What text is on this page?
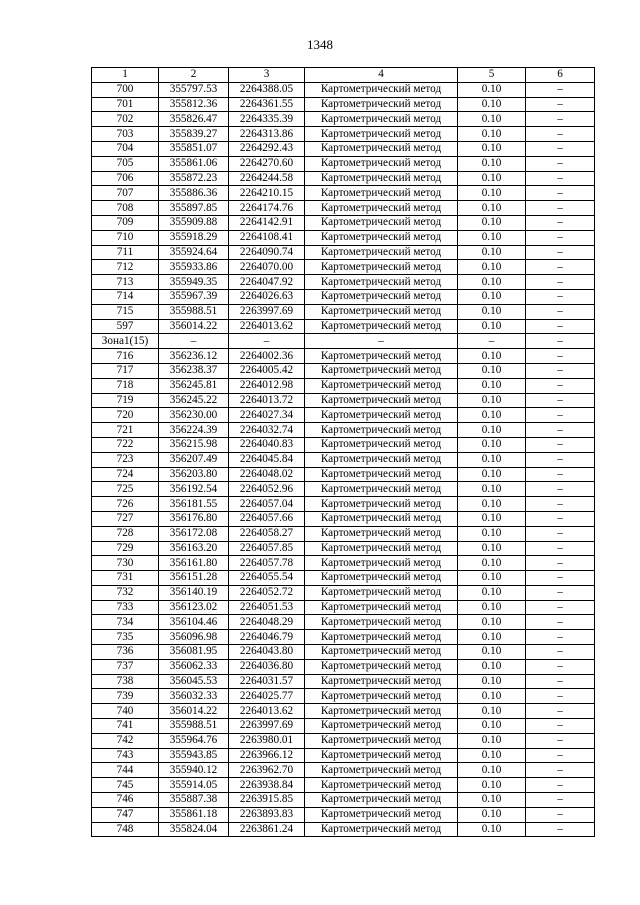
1348
1	2	3	4	5	6
700	355797.53	2264388.05	Картометрический метод	0.10	–
701	355812.36	2264361.55	Картометрический метод	0.10	–
702	355826.47	2264335.39	Картометрический метод	0.10	–
703	355839.27	2264313.86	Картометрический метод	0.10	–
704	355851.07	2264292.43	Картометрический метод	0.10	–
705	355861.06	2264270.60	Картометрический метод	0.10	–
706	355872.23	2264244.58	Картометрический метод	0.10	–
707	355886.36	2264210.15	Картометрический метод	0.10	–
708	355897.85	2264174.76	Картометрический метод	0.10	–
709	355909.88	2264142.91	Картометрический метод	0.10	–
710	355918.29	2264108.41	Картометрический метод	0.10	–
711	355924.64	2264090.74	Картометрический метод	0.10	–
712	355933.86	2264070.00	Картометрический метод	0.10	–
713	355949.35	2264047.92	Картометрический метод	0.10	–
714	355967.39	2264026.63	Картометрический метод	0.10	–
715	355988.51	2263997.69	Картометрический метод	0.10	–
597	356014.22	2264013.62	Картометрический метод	0.10	–
Зона1(15)	–	–	–	–	–
716	356236.12	2264002.36	Картометрический метод	0.10	–
717	356238.37	2264005.42	Картометрический метод	0.10	–
718	356245.81	2264012.98	Картометрический метод	0.10	–
719	356245.22	2264013.72	Картометрический метод	0.10	–
720	356230.00	2264027.34	Картометрический метод	0.10	–
721	356224.39	2264032.74	Картометрический метод	0.10	–
722	356215.98	2264040.83	Картометрический метод	0.10	–
723	356207.49	2264045.84	Картометрический метод	0.10	–
724	356203.80	2264048.02	Картометрический метод	0.10	–
725	356192.54	2264052.96	Картометрический метод	0.10	–
726	356181.55	2264057.04	Картометрический метод	0.10	–
727	356176.80	2264057.66	Картометрический метод	0.10	–
728	356172.08	2264058.27	Картометрический метод	0.10	–
729	356163.20	2264057.85	Картометрический метод	0.10	–
730	356161.80	2264057.78	Картометрический метод	0.10	–
731	356151.28	2264055.54	Картометрический метод	0.10	–
732	356140.19	2264052.72	Картометрический метод	0.10	–
733	356123.02	2264051.53	Картометрический метод	0.10	–
734	356104.46	2264048.29	Картометрический метод	0.10	–
735	356096.98	2264046.79	Картометрический метод	0.10	–
736	356081.95	2264043.80	Картометрический метод	0.10	–
737	356062.33	2264036.80	Картометрический метод	0.10	–
738	356045.53	2264031.57	Картометрический метод	0.10	–
739	356032.33	2264025.77	Картометрический метод	0.10	–
740	356014.22	2264013.62	Картометрический метод	0.10	–
741	355988.51	2263997.69	Картометрический метод	0.10	–
742	355964.76	2263980.01	Картометрический метод	0.10	–
743	355943.85	2263966.12	Картометрический метод	0.10	–
744	355940.12	2263962.70	Картометрический метод	0.10	–
745	355914.05	2263938.84	Картометрический метод	0.10	–
746	355887.38	2263915.85	Картометрический метод	0.10	–
747	355861.18	2263893.83	Картометрический метод	0.10	–
748	355824.04	2263861.24	Картометрический метод	0.10	–
